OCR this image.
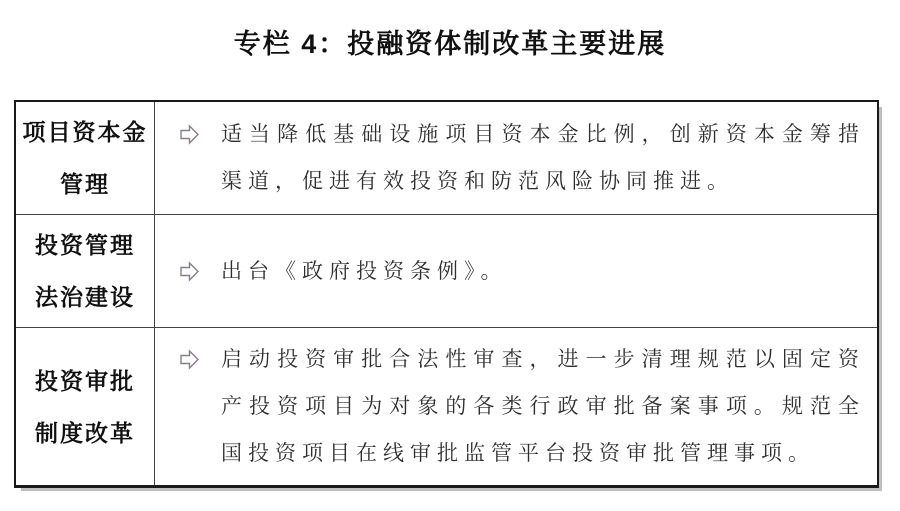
专栏 4：投融资体制改革主要进展
项目资本金
管理

适当降低基础设施项目资本金比例，创新资本金筹措渠道，促进有效投资和防范风险协同推进。

投资管理
法治建设

出台《政府投资条例》。

投资审批
制度改革

启动投资审批合法性审查，进一步清理规范以固定资产投资项目为对象的各类行政审批备案事项。规范全国投资项目在线审批监管平台投资审批管理事项。
